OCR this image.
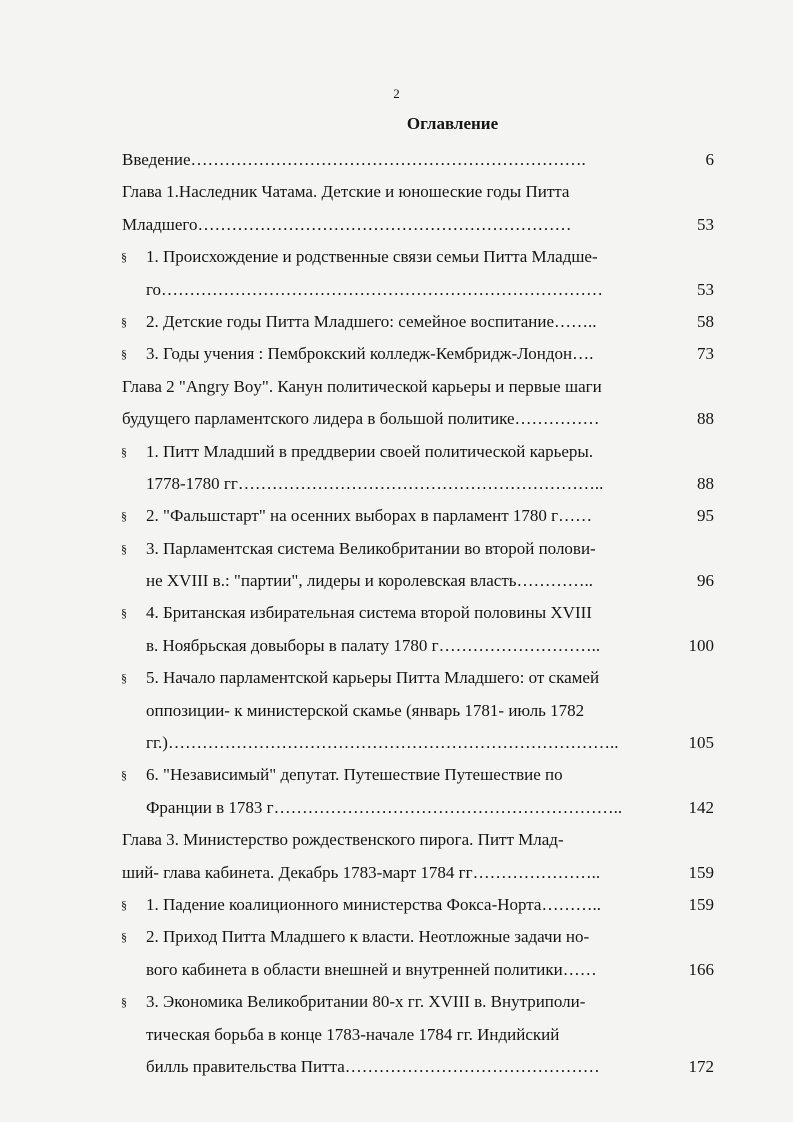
2
Оглавление
Введение…………………………………………………………….	6
Глава 1.Наследник Чатама. Детские и юношеские годы Питта
Младшего…………………………………………………………	53
§ 1. Происхождение и родственные связи семьи Питта Младше-
го……………………………………………………………………	53
§ 2. Детские годы Питта Младшего: семейное воспитание……..	58
§ 3. Годы учения : Пемброкский колледж-Кембридж-Лондон….	73
Глава 2 "Angry Boy". Канун политической карьеры и первые шаги
будущего парламентского лидера в большой политике……………	88
§ 1. Питт Младший в преддверии своей политической карьеры.
1778-1780 гг………………………………………………………..	88
§ 2. "Фальшстарт" на осенних выборах в парламент 1780 г……	95
§ 3. Парламентская система Великобритании во второй полови-
не XVIII в.: "партии", лидеры и королевская власть…………..	96
§ 4. Британская избирательная система второй половины XVIII
в. Ноябрьская довыборы в палату 1780 г………………………..	100
§ 5. Начало парламентской карьеры Питта Младшего: от скамей
оппозиции- к министерской скамье (январь 1781- июль 1782
гг.)……………………………………………………………………..	105
§ 6. "Независимый" депутат. Путешествие Путешествие по
Франции в 1783 г……………………………………………………..	142
Глава 3. Министерство рождественского пирога. Питт Млад-
ший- глава кабинета. Декабрь 1783-март 1784 гг…………………..	159
§ 1. Падение коалиционного министерства Фокса-Норта………..	159
§ 2. Приход Питта Младшего к власти. Неотложные задачи но-
вого кабинета в области внешней и внутренней политики……	166
§ 3. Экономика Великобритании 80-х гг. XVIII в. Внутриполи-
тическая борьба в конце 1783-начале 1784 гг. Индийский
билль правительства Питта………………………………………	172
